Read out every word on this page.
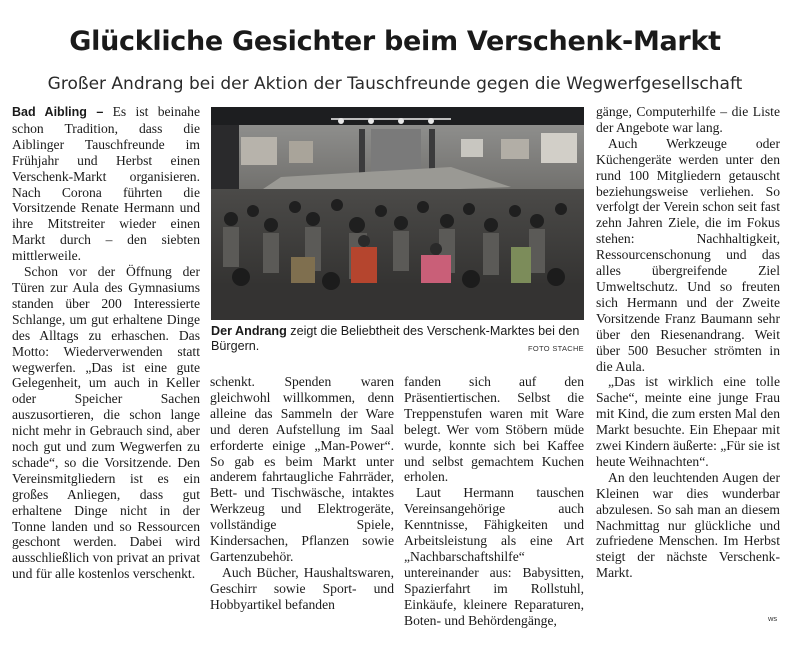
Glückliche Gesichter beim Verschenk-Markt
Großer Andrang bei der Aktion der Tauschfreunde gegen die Wegwerfgesellschaft

Bad Aibling – Es ist beinahe schon Tradition, dass die Aiblinger Tauschfreunde im Frühjahr und Herbst einen Verschenk-Markt organisieren. Nach Corona führten die Vorsitzende Renate Hermann und ihre Mitstreiter wieder einen Markt durch – den siebten mittlerweile.

Schon vor der Öffnung der Türen zur Aula des Gymnasiums standen über 200 Interessierte Schlange, um gut erhaltene Dinge des Alltags zu erhaschen. Das Motto: Wiederverwenden statt wegwerfen. „Das ist eine gute Gelegenheit, um auch in Keller oder Speicher Sachen auszusortieren, die schon lange nicht mehr in Gebrauch sind, aber noch gut und zum Wegwerfen zu schade“, so die Vorsitzende. Den Vereinsmitgliedern ist es ein großes Anliegen, dass gut erhaltene Dinge nicht in der Tonne landen und so Ressourcen geschont werden. Dabei wird ausschließlich von privat an privat und für alle kostenlos verschenkt.

Der Andrang zeigt die Beliebtheit des Verschenk-Marktes bei den Bürgern.	FOTO STACHE

schenkt. Spenden waren gleichwohl willkommen, denn alleine das Sammeln der Ware und deren Aufstellung im Saal erforderte einige „Man-Power“. So gab es beim Markt unter anderem fahrtaugliche Fahrräder, Bett- und Tischwäsche, intaktes Werkzeug und Elektrogeräte, vollständige Spiele, Kindersachen, Pflanzen sowie Gartenzubehör.

Auch Bücher, Haushaltswaren, Geschirr sowie Sport- und Hobbyartikel befanden

fanden sich auf den Präsentiertischen. Selbst die Treppenstufen waren mit Ware belegt. Wer vom Stöbern müde wurde, konnte sich bei Kaffee und selbst gemachtem Kuchen erholen.

Laut Hermann tauschen Vereinsangehörige auch Kenntnisse, Fähigkeiten und Arbeitsleistung als eine Art „Nachbarschaftshilfe“ untereinander aus: Babysitten, Spazierfahrt im Rollstuhl, Einkäufe, kleinere Reparaturen, Boten- und Behördengänge,

gänge, Computerhilfe – die Liste der Angebote war lang.

Auch Werkzeuge oder Küchengeräte werden unter den rund 100 Mitgliedern getauscht beziehungsweise verliehen. So verfolgt der Verein schon seit fast zehn Jahren Ziele, die im Fokus stehen: Nachhaltigkeit, Ressourcenschonung und das alles übergreifende Ziel Umweltschutz. Und so freuten sich Hermann und der Zweite Vorsitzende Franz Baumann sehr über den Riesenandrang. Weit über 500 Besucher strömten in die Aula.

„Das ist wirklich eine tolle Sache“, meinte eine junge Frau mit Kind, die zum ersten Mal den Markt besuchte. Ein Ehepaar mit zwei Kindern äußerte: „Für sie ist heute Weihnachten“.

An den leuchtenden Augen der Kleinen war dies wunderbar abzulesen. So sah man an diesem Nachmittag nur glückliche und zufriedene Menschen. Im Herbst steigt der nächste Verschenk-Markt.

ws
